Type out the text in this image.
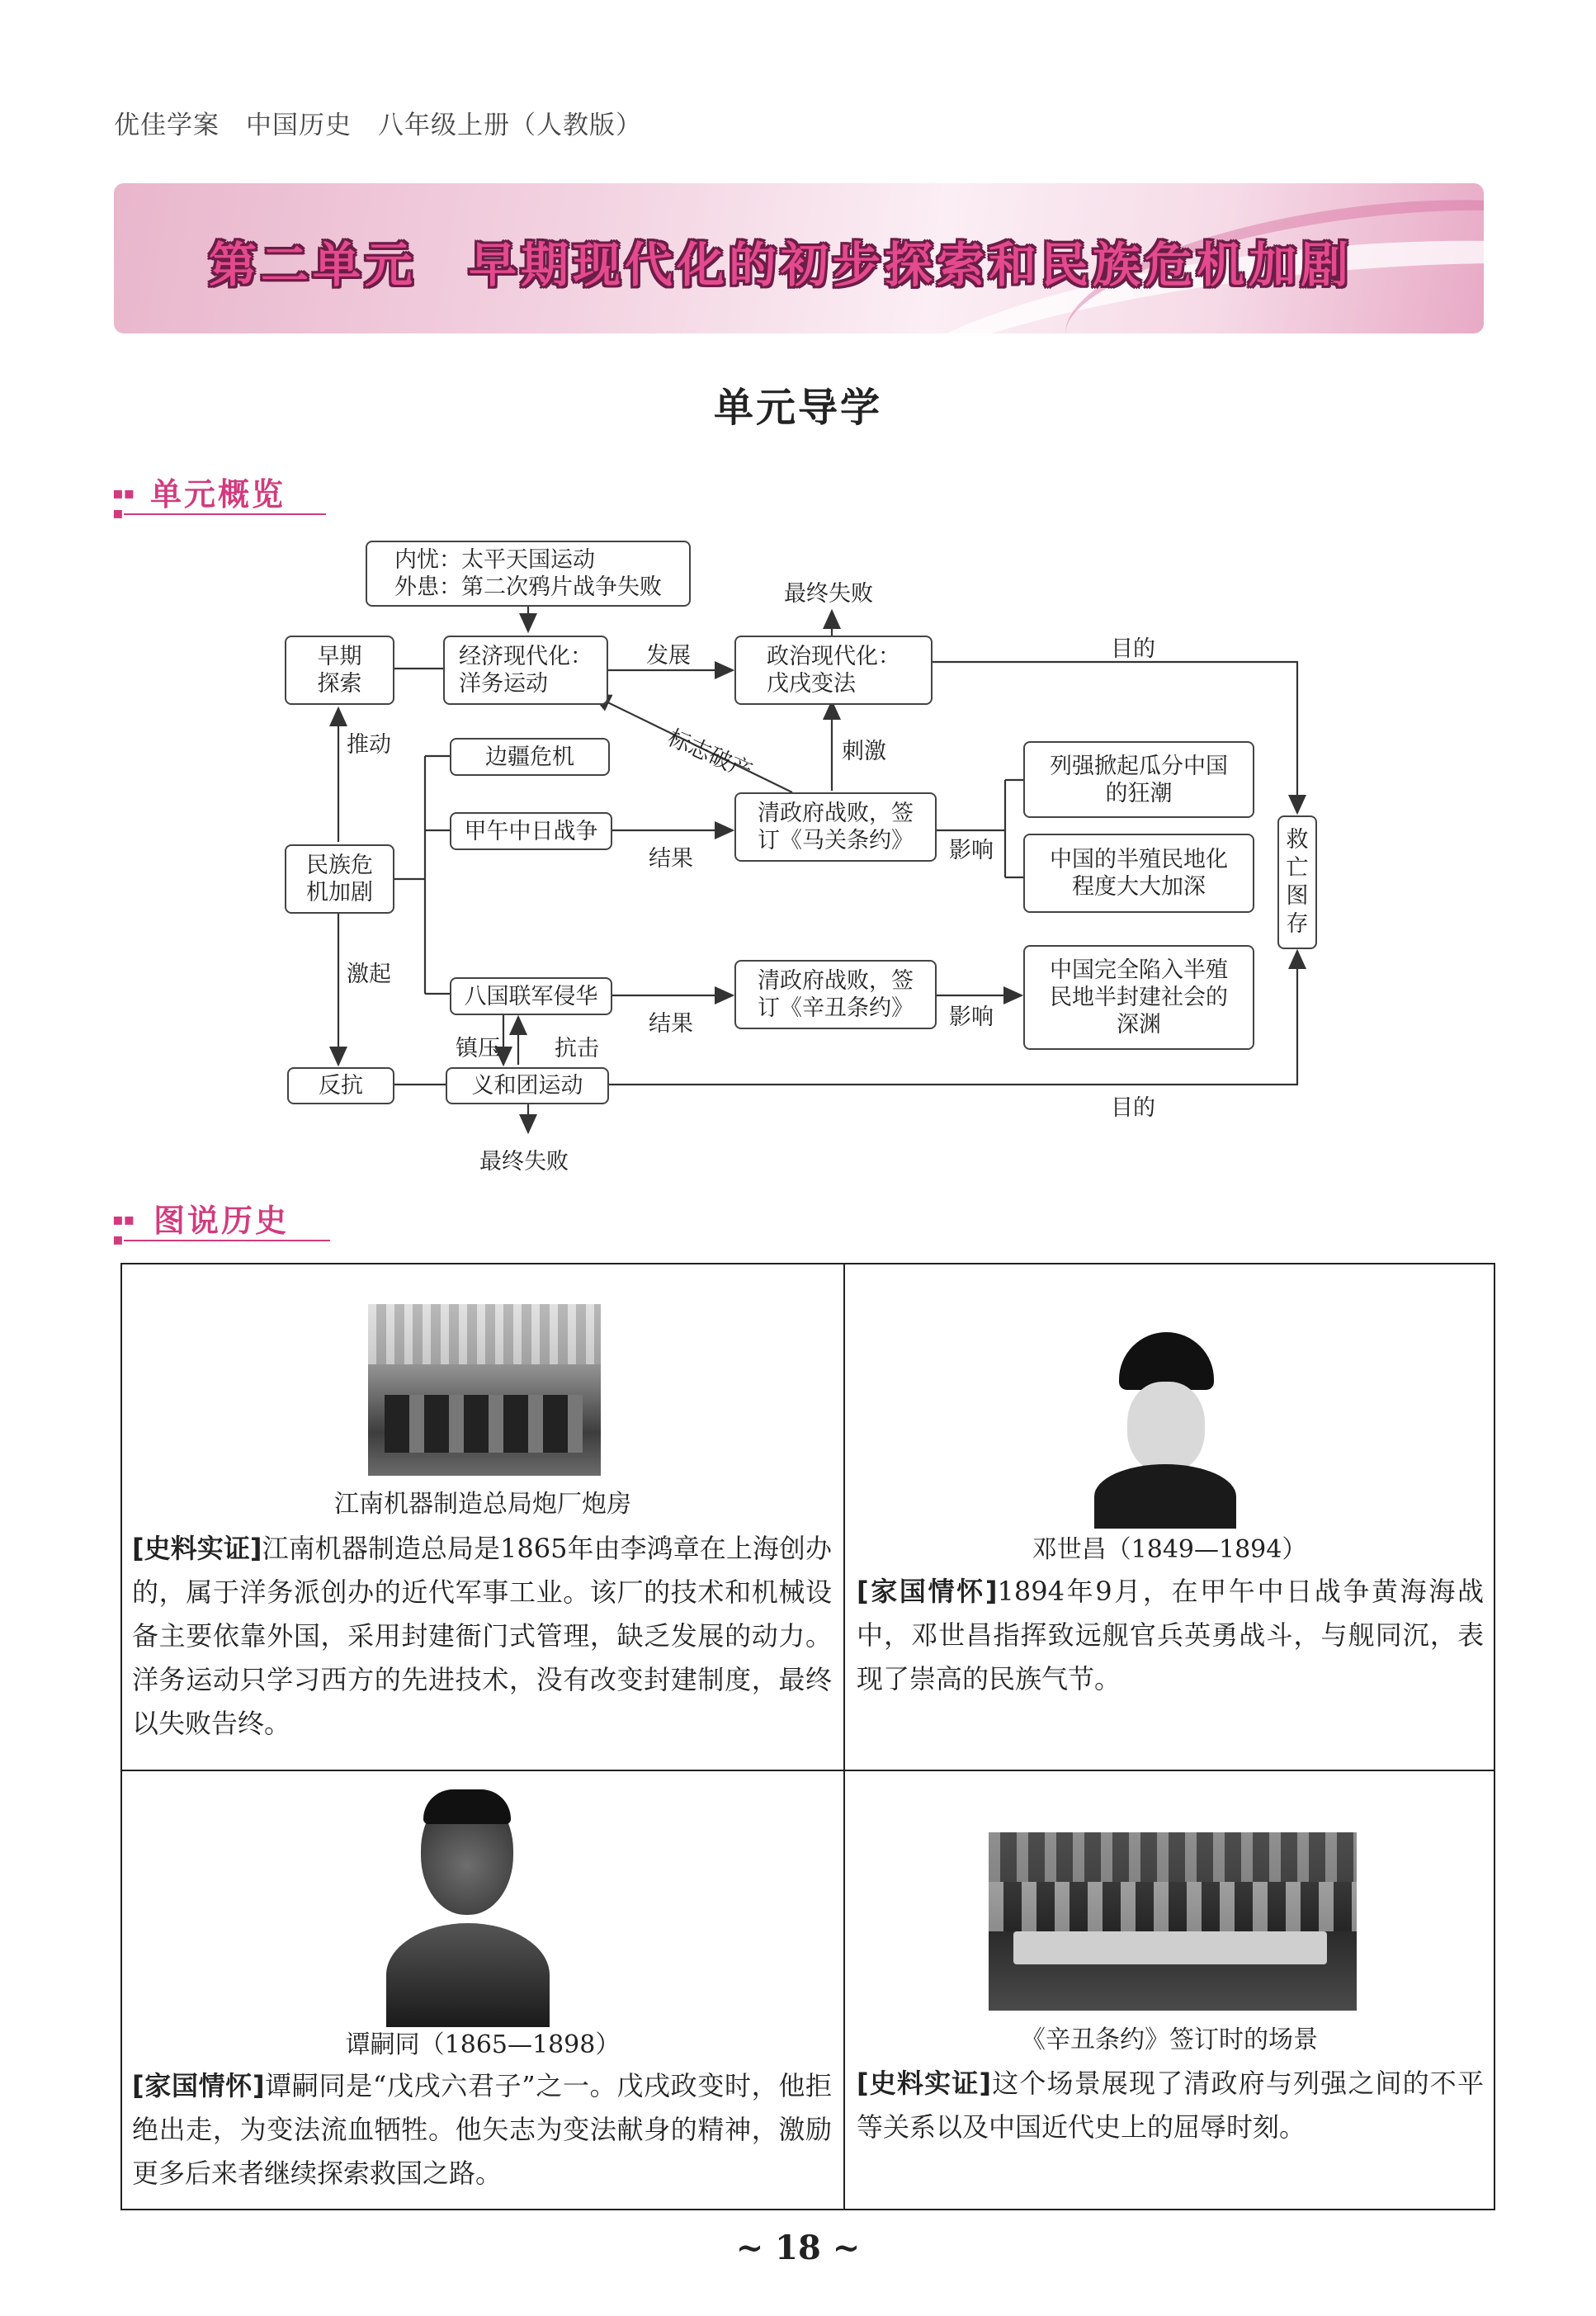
优佳学案　中国历史　八年级上册（人教版）
第二单元　早期现代化的初步探索和民族危机加剧
单元导学
▪▪
▪ 单元概览
内忧：太平天国运动
外患：第二次鸦片战争失败
早期
探索
经济现代化：
洋务运动
政治现代化：
戊戌变法
边疆危机
甲午中日战争
清政府战败，签
订《马关条约》
列强掀起瓜分中国
的狂潮
中国的半殖民地化
程度大大加深
救亡图存
民族危
机加剧
八国联军侵华
清政府战败，签
订《辛丑条约》
中国完全陷入半殖
民地半封建社会的
深渊
反抗	义和团运动
最终失败
发展	目的
标志破产	刺激
推动
结果	影响
激起
结果	影响
镇压 抗击
目的
最终失败
▪▪
▪ 图说历史
江南机器制造总局炮厂炮房
[史料实证]江南机器制造总局是1865年由李鸿章在上海创办的，属于洋务派创办的近代军事工业。该厂的技术和机械设备主要依靠外国，采用封建衙门式管理，缺乏发展的动力。洋务运动只学习西方的先进技术，没有改变封建制度，最终以失败告终。
邓世昌（1849—1894）
[家国情怀]1894年9月，在甲午中日战争黄海海战中，邓世昌指挥致远舰官兵英勇战斗，与舰同沉，表现了崇高的民族气节。
谭嗣同（1865—1898）
[家国情怀]谭嗣同是“戊戌六君子”之一。戊戌政变时，他拒绝出走，为变法流血牺牲。他矢志为变法献身的精神，激励更多后来者继续探索救国之路。
《辛丑条约》签订时的场景
[史料实证]这个场景展现了清政府与列强之间的不平等关系以及中国近代史上的屈辱时刻。
~ 18 ~
